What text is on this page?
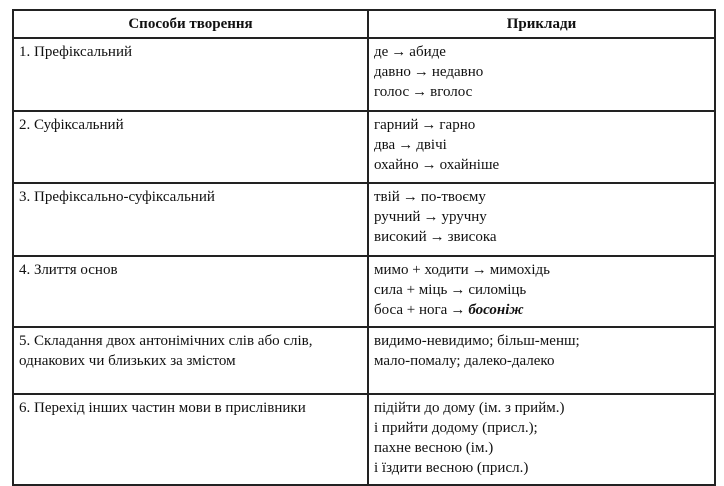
Способи творення	Приклади
1. Префіксальний	де → абиде
давно → недавно
голос → вголос

2. Суфіксальний	гарний → гарно
два → двічі
охайно → охайніше

3. Префіксально-суфіксальний	твій → по-твоєму
ручний → уручну
високий → звисока

4. Злиття основ	мимо + ходити → мимохідь
сила + міць → силоміць
боса + нога → босоніж

5. Складання двох антонімічних слів або слів, однакових чи близьких за змістом	видимо-невидимо; більш-менш;
мало-помалу; далеко-далеко

6. Перехід інших частин мови в прислівники	підійти до дому (ім. з прийм.)
і прийти додому (присл.);
пахне весною (ім.)
і їздити весною (присл.)
